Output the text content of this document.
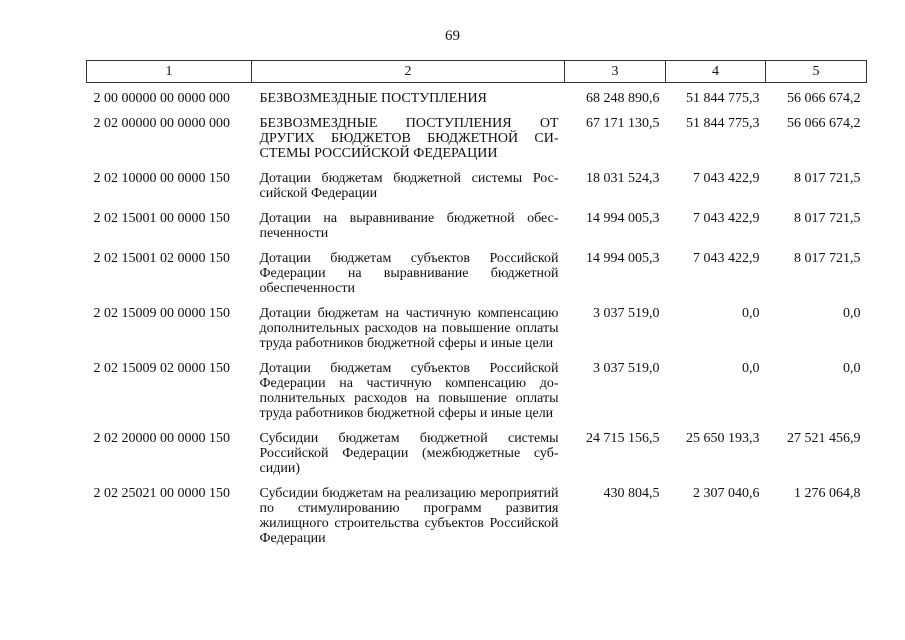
69
1	2	3	4	5
2 00 00000 00 0000 000	БЕЗВОЗМЕЗДНЫЕ ПОСТУПЛЕНИЯ	68 248 890,6	51 844 775,3	56 066 674,2
2 02 00000 00 0000 000	БЕЗВОЗМЕЗДНЫЕ ПОСТУПЛЕНИЯ ОТ ДРУГИХ БЮДЖЕТОВ БЮДЖЕТНОЙ СИСТЕМЫ РОССИЙСКОЙ ФЕДЕРАЦИИ	67 171 130,5	51 844 775,3	56 066 674,2
2 02 10000 00 0000 150	Дотации бюджетам бюджетной системы Российской Федерации	18 031 524,3	7 043 422,9	8 017 721,5
2 02 15001 00 0000 150	Дотации на выравнивание бюджетной обеспеченности	14 994 005,3	7 043 422,9	8 017 721,5
2 02 15001 02 0000 150	Дотации бюджетам субъектов Российской Федерации на выравнивание бюджетной обеспеченности	14 994 005,3	7 043 422,9	8 017 721,5
2 02 15009 00 0000 150	Дотации бюджетам на частичную компенсацию дополнительных расходов на повышение оплаты труда работников бюджетной сферы и иные цели	3 037 519,0	0,0	0,0
2 02 15009 02 0000 150	Дотации бюджетам субъектов Российской Федерации на частичную компенсацию дополнительных расходов на повышение оплаты труда работников бюджетной сферы и иные цели	3 037 519,0	0,0	0,0
2 02 20000 00 0000 150	Субсидии бюджетам бюджетной системы Российской Федерации (межбюджетные субсидии)	24 715 156,5	25 650 193,3	27 521 456,9
2 02 25021 00 0000 150	Субсидии бюджетам на реализацию мероприятий по стимулированию программ развития жилищного строительства субъектов Российской Федерации	430 804,5	2 307 040,6	1 276 064,8
